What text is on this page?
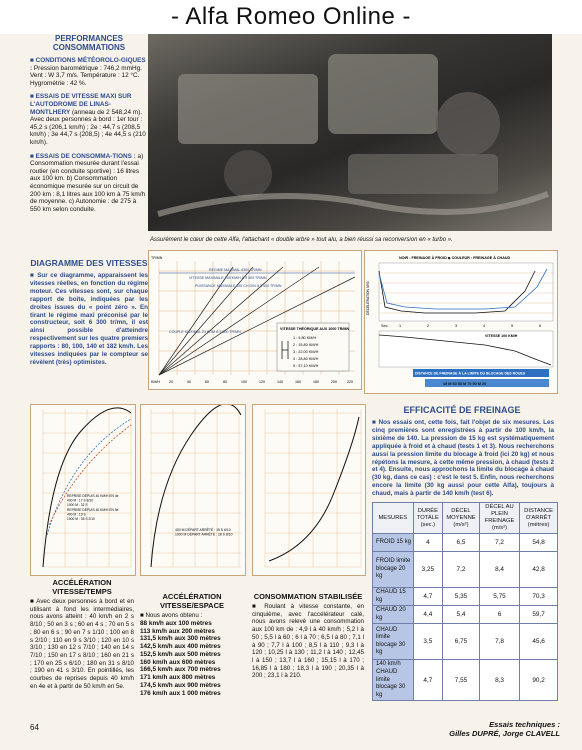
- Alfa Romeo Online -
PERFORMANCES CONSOMMATIONS
■ CONDITIONS MÉTÉOROLO-GIQUES : Pression barométrique : 746,2 mmHg. Vent : W 3,7 m/s. Température : 12 °C. Hygrométrie : 42 %.
■ ESSAIS DE VITESSE MAXI SUR L'AUTODROME DE LINAS-MONTLHERY (anneau de 2 548,24 m). Avec deux personnes à bord : 1er tour : 45,2 s (206,1 km/h) ; 2e : 44,7 s (208,5 km/h) ; 3e 44,7 s (208,5) ; 4e 44,5 s (210 km/h).
■ ESSAIS DE CONSOMMA-TIONS : a) Consommation mesurée durant l'essai routier (en conduite sportive) : 16 litres aux 100 km. b) Consommation économique mesurée sur un circuit de 200 km : 8,1 litres aux 100 km à 75 km/h de moyenne. c) Autonomie : de 275 à 550 km selon conduite.
Assurément le cœur de cette Alfa, l'attachant « double arbre » tout alu, a bien réussi sa reconversion en « turbo ».
DIAGRAMME DES VITESSES

■ Sur ce diagramme, apparaissent les vitesses réelles, en fonction du régime moteur. Ces vitesses sont, sur chaque rapport de boîte, indiquées par les droites issues du « point zéro ». En tirant le régime maxi préconisé par le constructeur, soit 6 300 tr/mn, il est ainsi possible d'atteindre respectivement sur les quatre premiers rapports : 80, 100, 140 et 182 km/h. Les vitesses indiquées par le compteur se révèlent (très) optimistes.

RÉGIME MAXIMAL 6300 TR/MN
VITESSE MAXIMALE 209 KM/H À 5 500 TR/MN
PUISSANCE MAXIMALE 155 CH DIN À 5 500 TR/MN
COUPLE MAXIMAL 23 KGM À 2 500 TR/MN
VITESSE THÉORIQUE AUX 1000 TR/MN
1 : 9,80 KM/H
2 : 15,80 KM/H
3 : 22,00 KM/H
4 : 28,80 KM/H
5 : 37,10 KM/H
TR/MN
20	40	60	80	100	120	140	160	180	200	220
KM/H
NOIR : FREINAGE À FROID ◆ COULEUR : FREINAGE À CHAUD
DÉCÉLÉRATION M/S²
Sec.	1	2	3	4	5	6
VITESSE 100 KM/H
DISTANCE DE FREINAGE À LA LIMITE DU BLOCAGE DES ROUES
45 M 60 58 M 70 90 M 20
REPRISE DEPUIS 40 KM/H EN 4e 400 M : 17 S 8/10 1000 M : 32 S REPRISE DEPUIS 40 KM/H EN 5e 400 M : 19 S 1000 M : 35 S 2/10
400 M DÉPART ARRÊTÉ : 15 S 6/10 1000 M DÉPART ARRÊTÉ : 28 S 8/10
ACCÉLÉRATION VITESSE/TEMPS

■ Avec deux personnes à bord et en utilisant à fond les intermédiaires, nous avons atteint : 40 km/h en 2 s 8/10 ; 50 en 3 s ; 60 en 4 s ; 70 en 5 s ; 80 en 6 s ; 90 en 7 s 1/10 ; 100 en 8 s 2/10 ; 110 en 9 s 3/10 ; 120 en 10 s 3/10 ; 130 en 12 s 7/10 ; 140 en 14 s 7/10 ; 150 en 17 s 8/10 ; 160 en 21 s ; 170 en 25 s 6/10 ; 180 en 31 s 8/10 ; 190 en 41 s 3/10. En pointillés, les courbes de reprises depuis 40 km/h en 4e et à partir de 50 km/h en 5e.

ACCÉLÉRATION VITESSE/ESPACE

■ Nous avons obtenu :

88 km/h aux 100 mètres
113 km/h aux 200 mètres
131,5 km/h aux 300 mètres
142,5 km/h aux 400 mètres
152,5 km/h aux 500 mètres
160 km/h aux 600 mètres
166,5 km/h aux 700 mètres
171 km/h aux 800 mètres
174,5 km/h aux 900 mètres
176 km/h aux 1 000 mètres
CONSOMMATION STABILISÉE

■ Roulant à vitesse constante, en cinquième, avec l'accélérateur calé, nous avons relevé une consommation aux 100 km de : 4,9 l à 40 km/h ; 5,2 l à 50 ; 5,5 l à 60 ; 6 l à 70 ; 6,5 l à 80 ; 7,1 l à 90 ; 7,7 l à 100 ; 8,5 l à 110 ; 9,3 l à 120 ; 10,25 l à 130 ; 11,2 l à 140 ; 12,45 l à 150 ; 13,7 l à 160 ; 15,15 l à 170 ; 16,85 l à 180 ; 18,3 l à 190 ; 20,35 l à 200 ; 23,1 l à 210.

EFFICACITÉ DE FREINAGE
■ Nos essais ont, cette fois, fait l'objet de six mesures. Les cinq premières sont enregistrées à partir de 100 km/h, la sixième de 140. La pression de 15 kg est systématiquement appliquée à froid et à chaud (tests 1 et 3). Nous recherchons aussi la pression limite du blocage à froid (ici 20 kg) et nous répétons la mesure, à cette même pression, à chaud (tests 2 et 4). Ensuite, nous approchons la limite du blocage à chaud (30 kg, dans ce cas) : c'est le test 5. Enfin, nous recherchons encore la limite (30 kg aussi pour cette Alfa), toujours à chaud, mais à partir de 140 km/h (test 6).
MESURES	DURÉE TOTALE (sec.)	DÉCEL MOYENNE (m/s²)	DÉCEL AU PLEIN FREINAGE (m/s²)	DISTANCE D'ARRÊT (mètres)
FROID 15 kg	4	6,5	7,2	54,8
FROID limite blocage 20 kg	3,25	7,2	8,4	42,8
CHAUD 15 kg	4,7	5,35	5,75	70,3
CHAUD 20 kg	4,4	5,4	6	59,7
CHAUD limite blocage 30 kg	3,5	6,75	7,8	45,6
140 km/h CHAUD limite blocage 30 kg	4,7	7,55	8,3	90,2
64	Essais techniques :
Gilles DUPRÉ, Jorge CLAVELL
